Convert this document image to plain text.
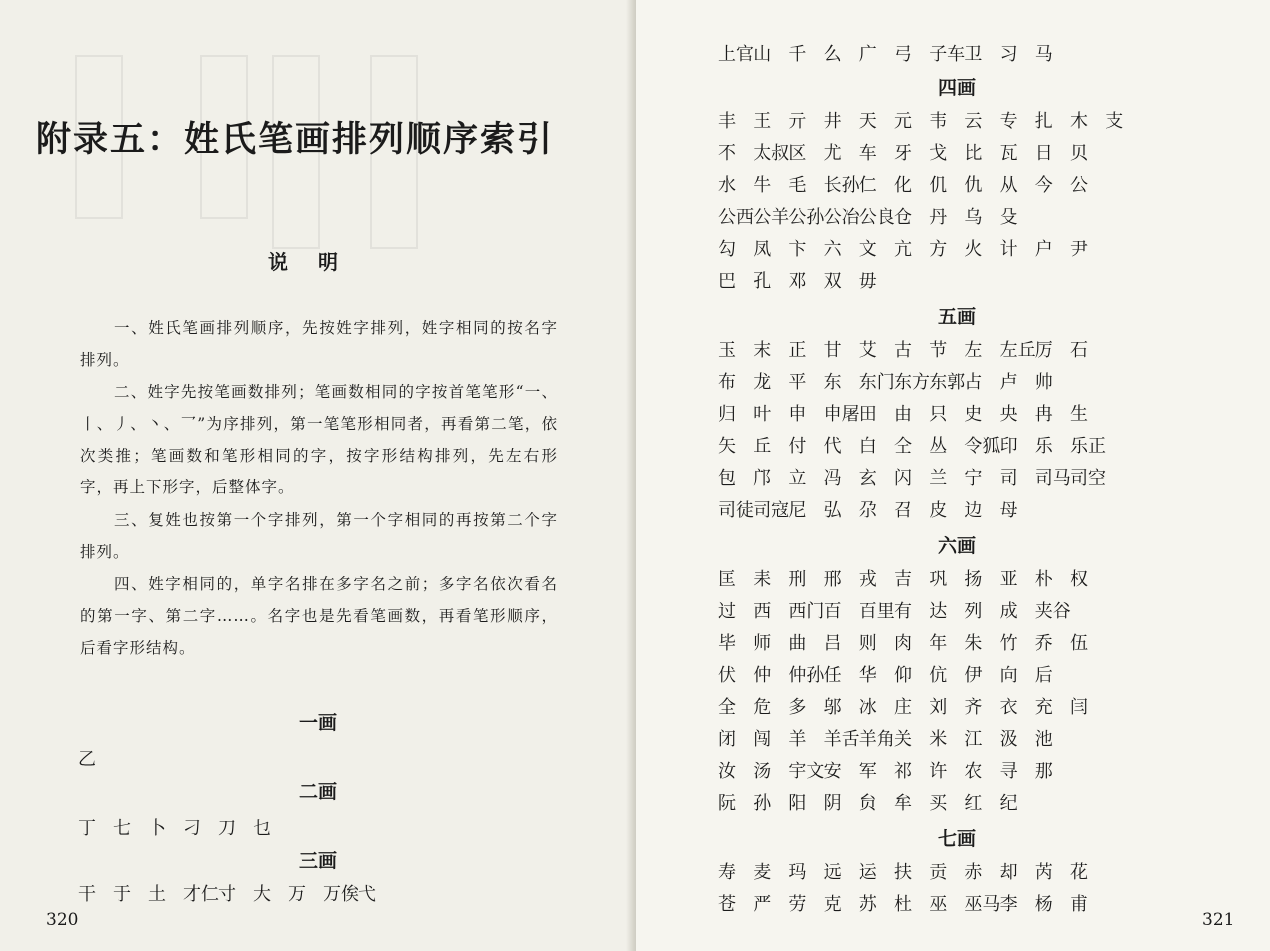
附录五：姓氏笔画排列顺序索引
说明
一、姓氏笔画排列顺序，先按姓字排列，姓字相同的按名字排列。
二、姓字先按笔画数排列；笔画数相同的字按首笔笔形“一、丨、丿、丶、乛”为序排列，第一笔笔形相同者，再看第二笔，依次类推；笔画数和笔形相同的字，按字形结构排列，先左右形字，再上下形字，后整体字。
三、复姓也按第一个字排列，第一个字相同的再按第二个字排列。
四、姓字相同的，单字名排在多字名之前；多字名依次看名的第一字、第二字……。名字也是先看笔画数，再看笔形顺序，后看字形结构。
一画
乙
二画
丁 七 卜 刁 刀 乜
三画
干 于 土 才仁 寸 大 万 万俟 弋
320
上官 山 千 么 广 弓 子车 卫 习 马
四画
丰 王 亓 井 天 元 韦 云 专 扎 木 支
不 太叔 区 尤 车 牙 戈 比 瓦 日 贝
水 牛 毛 长孙 仁 化 仉 仇 从 今 公
公西 公羊 公孙 公冶 公良 仓 丹 乌 殳
勾 凤 卞 六 文 亢 方 火 计 户 尹
巴 孔 邓 双 毋
五画
玉 末 正 甘 艾 古 节 左 左丘 厉 石
布 龙 平 东 东门 东方 东郭 占 卢 帅
归 叶 申 申屠 田 由 只 史 央 冉 生
矢 丘 付 代 白 仝 丛 令狐 印 乐 乐正
包 邝 立 冯 玄 闪 兰 宁 司 司马 司空
司徒 司寇 尼 弘 尕 召 皮 边 母
六画
匡 耒 刑 邢 戎 吉 巩 扬 亚 朴 权
过 西 西门 百 百里 有 达 列 成 夹谷
毕 师 曲 吕 则 肉 年 朱 竹 乔 伍
伏 仲 仲孙 任 华 仰 伉 伊 向 后
全 危 多 邬 冰 庄 刘 齐 衣 充 闫
闭 闯 羊 羊舌 羊角 关 米 江 汲 池
汝 汤 宇文 安 军 祁 许 农 寻 那
阮 孙 阳 阴 贠 牟 买 红 纪
七画
寿 麦 玛 远 运 扶 贡 赤 却 芮 花
苍 严 劳 克 苏 杜 巫 巫马 李 杨 甫
321
